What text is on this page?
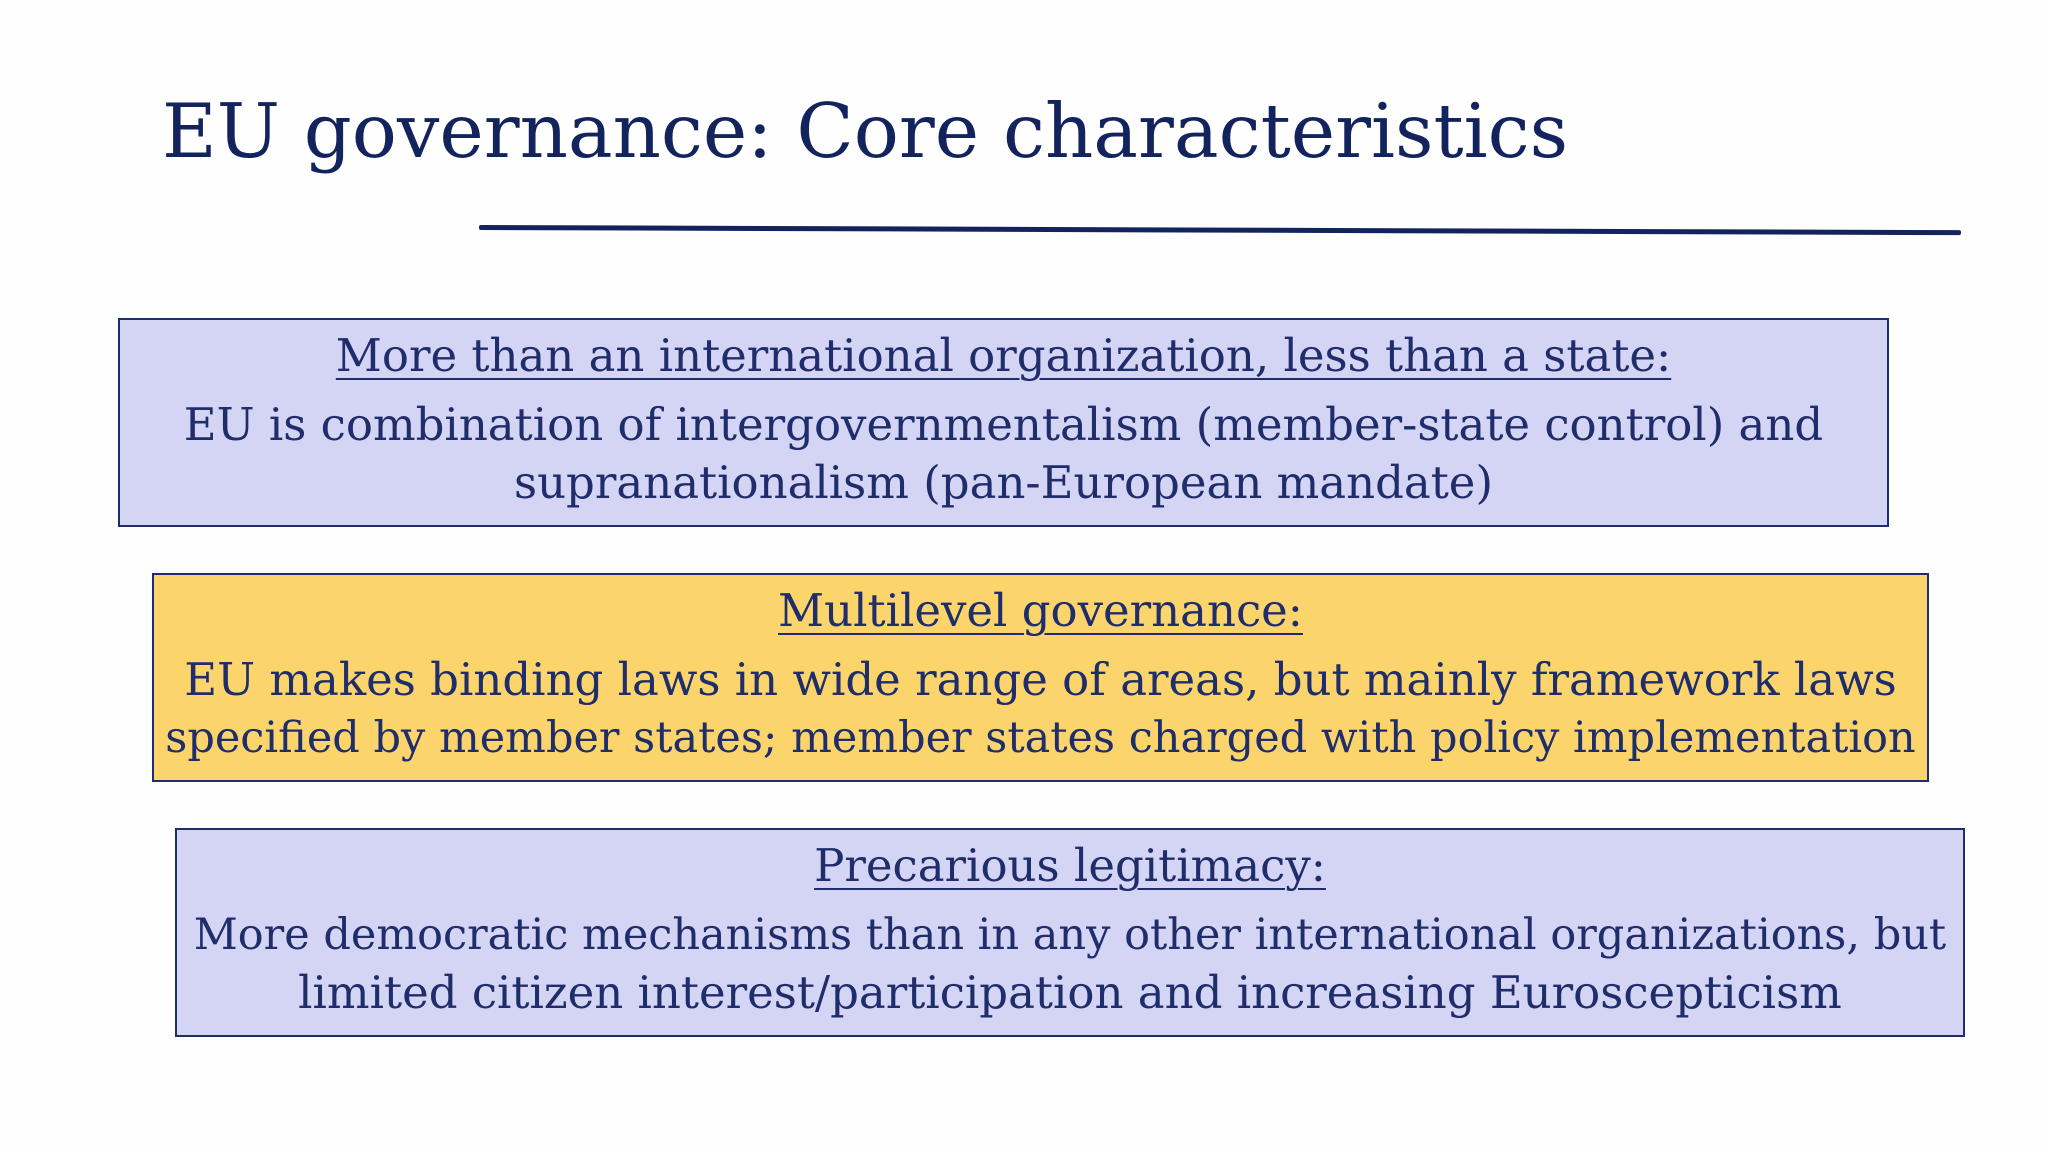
EU governance: Core characteristics
More than an international organization, less than a state:
EU is combination of intergovernmentalism (member-state control) and
supranationalism (pan-European mandate)
Multilevel governance:
EU makes binding laws in wide range of areas, but mainly framework laws
specified by member states; member states charged with policy implementation
Precarious legitimacy:
More democratic mechanisms than in any other international organizations, but
limited citizen interest/participation and increasing Euroscepticism
